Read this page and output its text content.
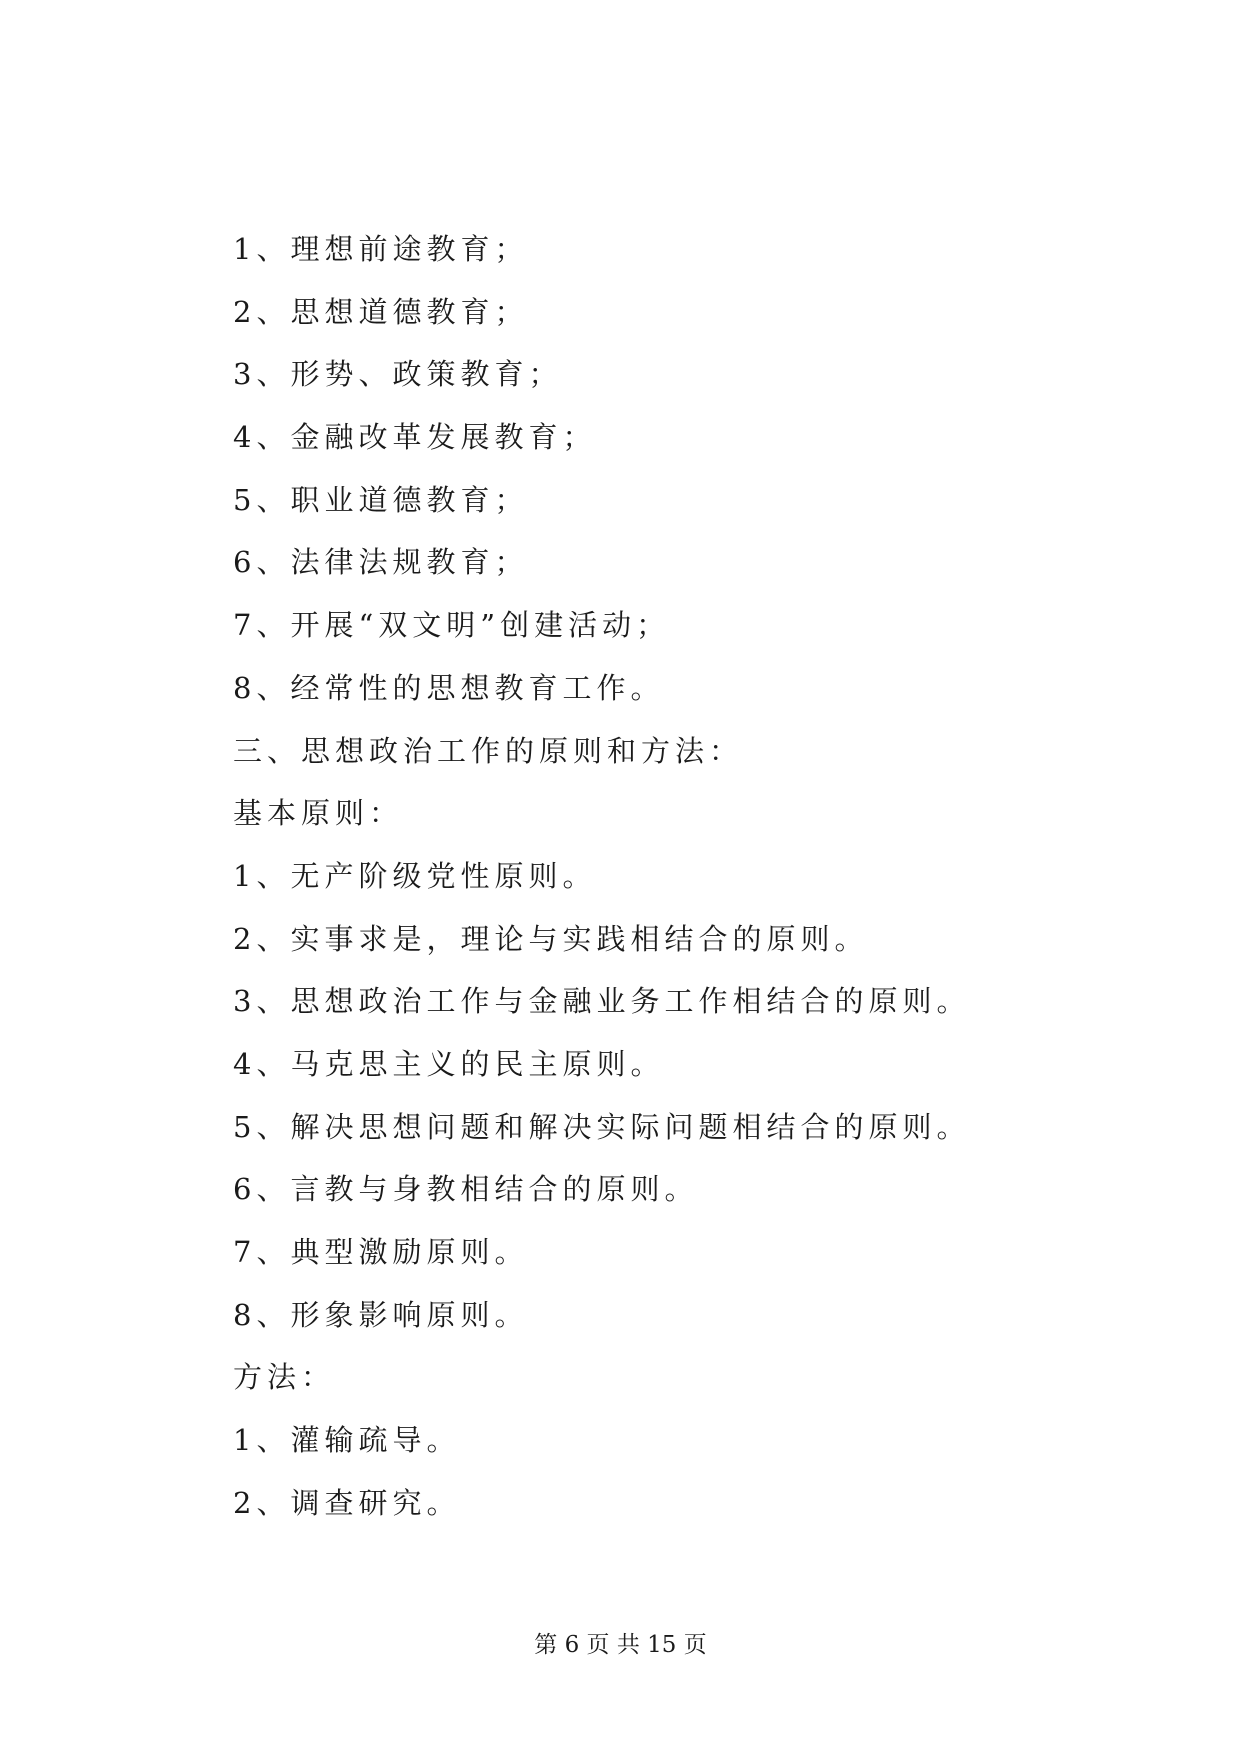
1、理想前途教育；
2、思想道德教育；
3、形势、政策教育；
4、金融改革发展教育；
5、职业道德教育；
6、法律法规教育；
7、开展“双文明”创建活动；
8、经常性的思想教育工作。
三、思想政治工作的原则和方法：
基本原则：
1、无产阶级党性原则。
2、实事求是，理论与实践相结合的原则。
3、思想政治工作与金融业务工作相结合的原则。
4、马克思主义的民主原则。
5、解决思想问题和解决实际问题相结合的原则。
6、言教与身教相结合的原则。
7、典型激励原则。
8、形象影响原则。
方法：
1、灌输疏导。
2、调查研究。
第 6 页 共 15 页
